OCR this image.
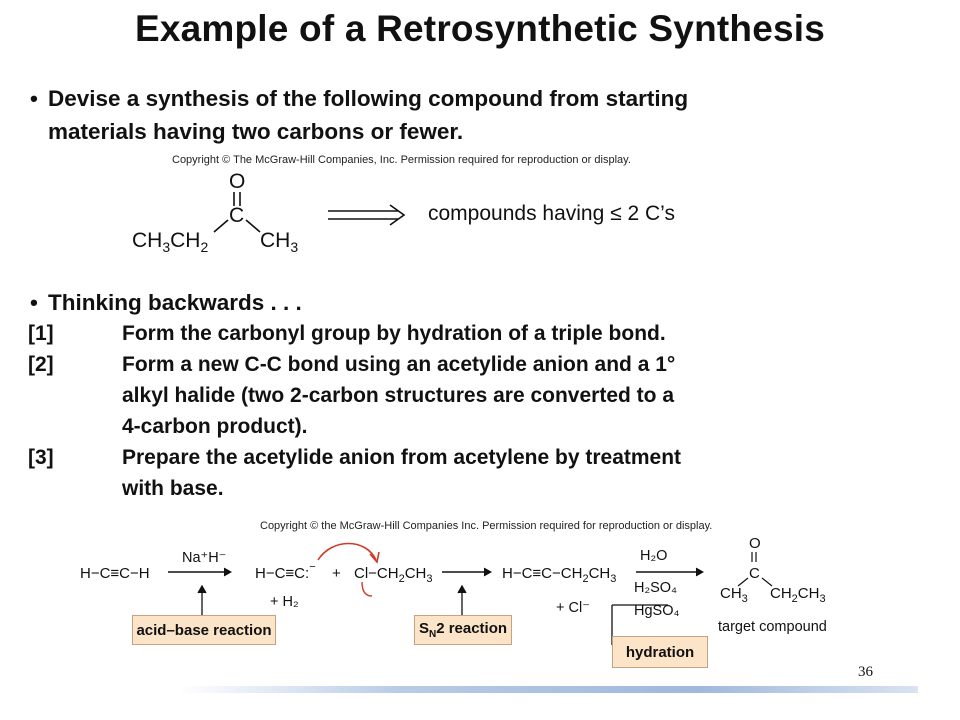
Example of a Retrosynthetic Synthesis
• Devise a synthesis of the following compound from starting
materials having two carbons or fewer.
Copyright © The McGraw-Hill Companies, Inc. Permission required for reproduction or display.
O
C
$CH_3CH_2$ $CH_3$
compounds having ≤ 2 C’s
• Thinking backwards . . .
[1]	Form the carbonyl group by hydration of a triple bond.
[2]	Form a new C-C bond using an acetylide anion and a 1°
alkyl halide (two 2-carbon structures are converted to a
4-carbon product).
[3]	Prepare the acetylide anion from acetylene by treatment
with base.
Copyright © the McGraw-Hill Companies Inc. Permission required for reproduction or display.
H−C≡C−H	H−C≡C:− + $Cl-CH_2CH_3$	$H-C\equiv C-CH_2CH_3$
O
C
$CH_3$ $CH_2CH_3$
Na⁺H⁻
+ H₂	+ Cl⁻
H₂O
H₂SO₄
HgSO₄
target compound
acid–base reaction	$S_N2$ reaction
hydration
36
